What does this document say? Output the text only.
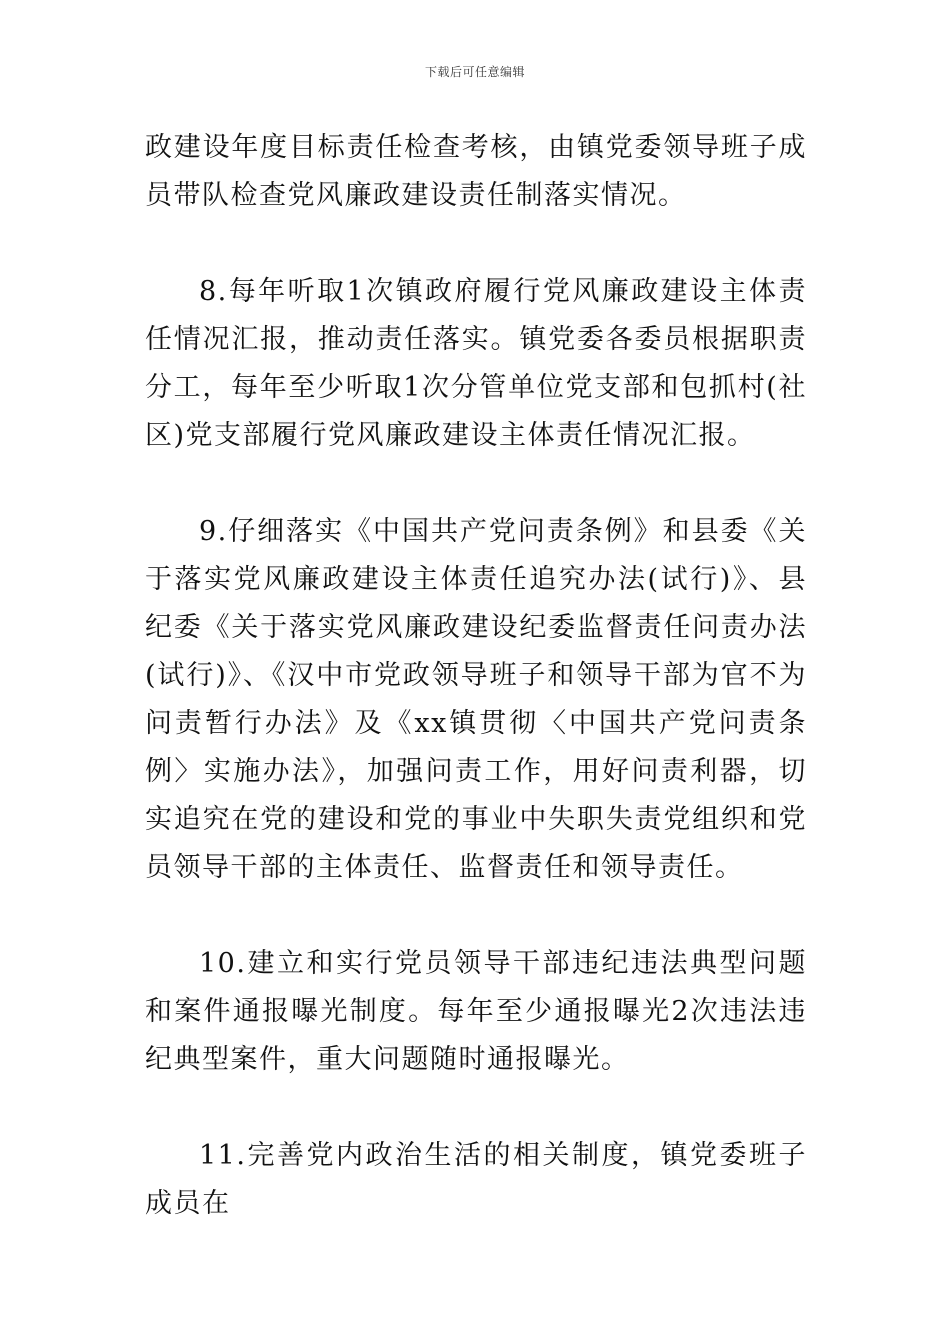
下载后可任意编辑

政建设年度目标责任检查考核，由镇党委领导班子成员带队检查党风廉政建设责任制落实情况。

8.每年听取1次镇政府履行党风廉政建设主体责任情况汇报，推动责任落实。镇党委各委员根据职责分工，每年至少听取1次分管单位党支部和包抓村(社区)党支部履行党风廉政建设主体责任情况汇报。

9.仔细落实《中国共产党问责条例》和县委《关于落实党风廉政建设主体责任追究办法(试行)》、县纪委《关于落实党风廉政建设纪委监督责任问责办法(试行)》、《汉中市党政领导班子和领导干部为官不为问责暂行办法》及《xx镇贯彻〈中国共产党问责条例〉实施办法》，加强问责工作，用好问责利器，切实追究在党的建设和党的事业中失职失责党组织和党员领导干部的主体责任、监督责任和领导责任。

10.建立和实行党员领导干部违纪违法典型问题和案件通报曝光制度。每年至少通报曝光2次违法违纪典型案件，重大问题随时通报曝光。

11.完善党内政治生活的相关制度，镇党委班子成员在
